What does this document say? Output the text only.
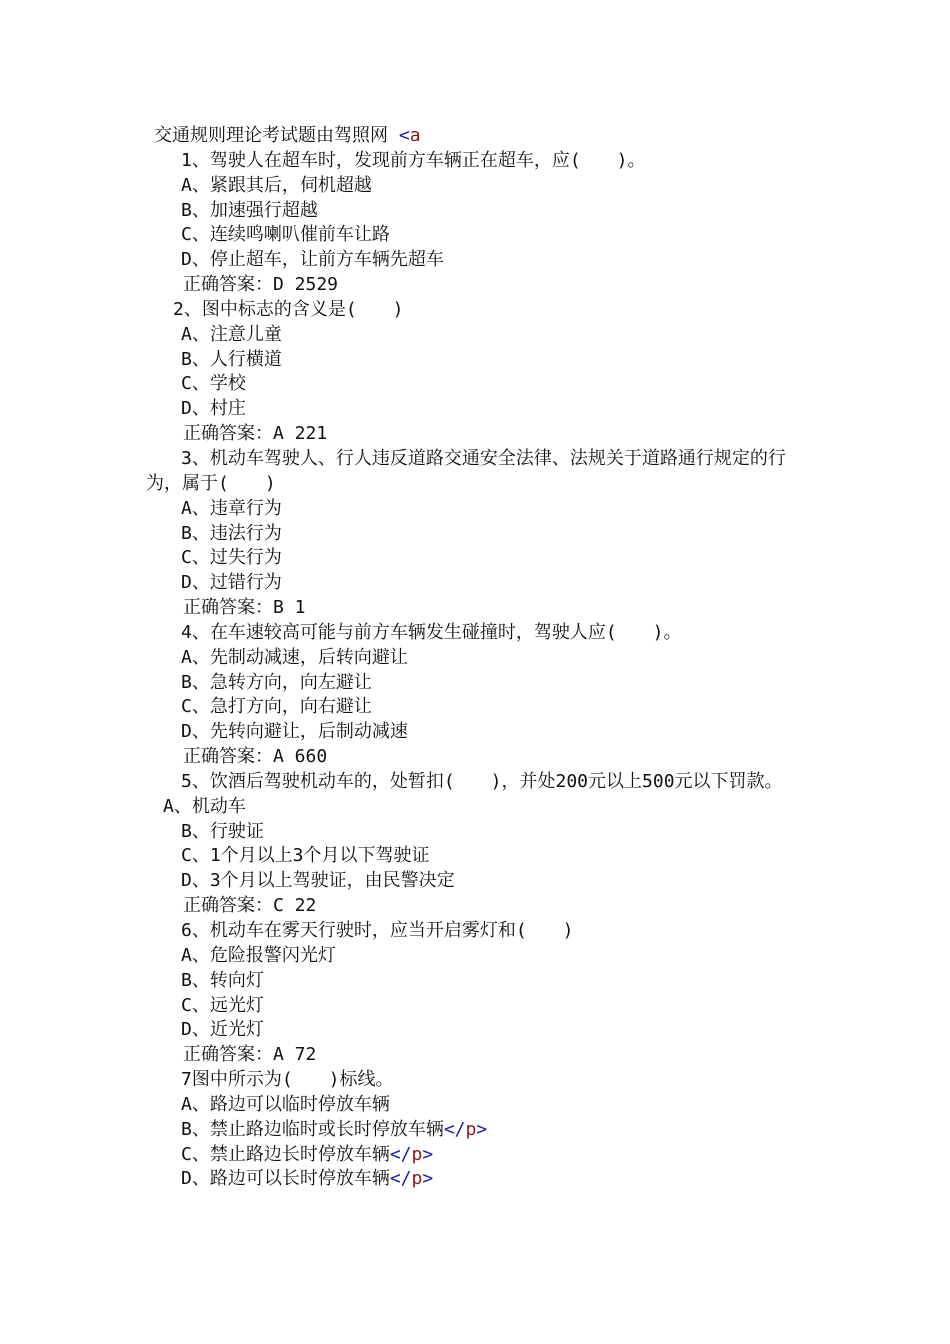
交通规则理论考试题由驾照网 <a
1、驾驶人在超车时，发现前方车辆正在超车，应(　　)。
A、紧跟其后，伺机超越
B、加速强行超越
C、连续鸣喇叭催前车让路
D、停止超车，让前方车辆先超车
正确答案：D 2529
2、图中标志的含义是(　　)
A、注意儿童
B、人行横道
C、学校
D、村庄
正确答案：A 221
3、机动车驾驶人、行人违反道路交通安全法律、法规关于道路通行规定的行为，属于(　　)
A、违章行为
B、违法行为
C、过失行为
D、过错行为
正确答案：B 1
4、在车速较高可能与前方车辆发生碰撞时，驾驶人应(　　)。
A、先制动减速，后转向避让
B、急转方向，向左避让
C、急打方向，向右避让
D、先转向避让，后制动减速
正确答案：A 660
5、饮酒后驾驶机动车的，处暂扣(　　)，并处200元以上500元以下罚款。
A、机动车
B、行驶证
C、1个月以上3个月以下驾驶证
D、3个月以上驾驶证，由民警决定
正确答案：C 22
6、机动车在雾天行驶时，应当开启雾灯和(　　)
A、危险报警闪光灯
B、转向灯
C、远光灯
D、近光灯
正确答案：A 72
7图中所示为(　　)标线。
A、路边可以临时停放车辆
B、禁止路边临时或长时停放车辆</p>
C、禁止路边长时停放车辆</p>
D、路边可以长时停放车辆</p>
